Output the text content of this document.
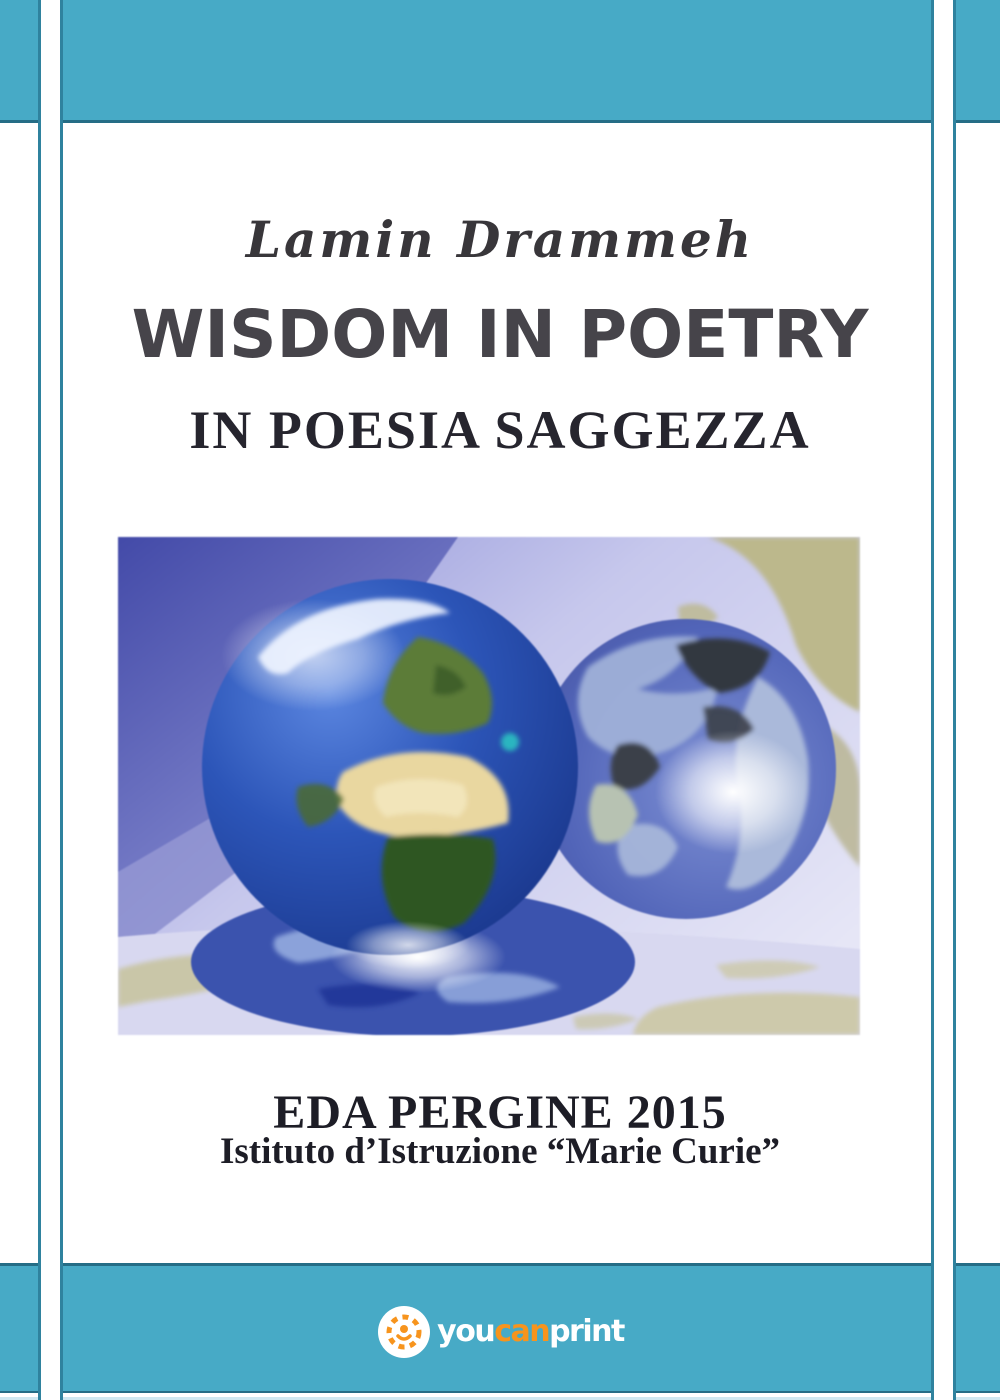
Lamin Drammeh
WISDOM IN POETRY
IN POESIA SAGGEZZA
EDA PERGINE 2015
Istituto d’Istruzione “Marie Curie”
youcanprint
